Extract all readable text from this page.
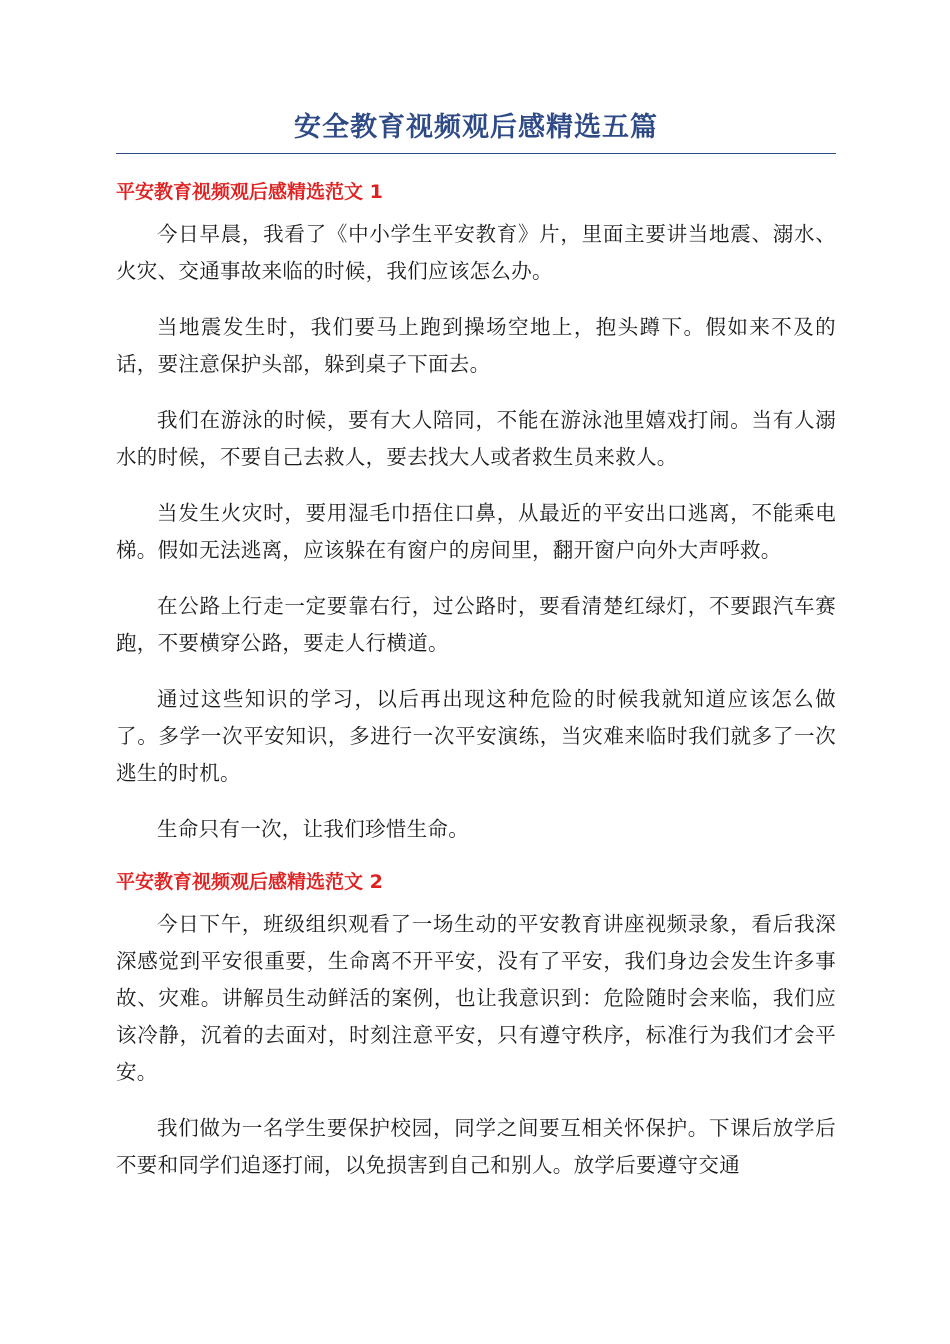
安全教育视频观后感精选五篇
平安教育视频观后感精选范文 1

今日早晨，我看了《中小学生平安教育》片，里面主要讲当地震、溺水、火灾、交通事故来临的时候，我们应该怎么办。

当地震发生时，我们要马上跑到操场空地上，抱头蹲下。假如来不及的话，要注意保护头部，躲到桌子下面去。

我们在游泳的时候，要有大人陪同，不能在游泳池里嬉戏打闹。当有人溺水的时候，不要自己去救人，要去找大人或者救生员来救人。

当发生火灾时，要用湿毛巾捂住口鼻，从最近的平安出口逃离，不能乘电梯。假如无法逃离，应该躲在有窗户的房间里，翻开窗户向外大声呼救。

在公路上行走一定要靠右行，过公路时，要看清楚红绿灯，不要跟汽车赛跑，不要横穿公路，要走人行横道。

通过这些知识的学习，以后再出现这种危险的时候我就知道应该怎么做了。多学一次平安知识，多进行一次平安演练，当灾难来临时我们就多了一次逃生的时机。

生命只有一次，让我们珍惜生命。

平安教育视频观后感精选范文 2

今日下午，班级组织观看了一场生动的平安教育讲座视频录象，看后我深深感觉到平安很重要，生命离不开平安，没有了平安，我们身边会发生许多事故、灾难。讲解员生动鲜活的案例，也让我意识到：危险随时会来临，我们应该冷静，沉着的去面对，时刻注意平安，只有遵守秩序，标准行为我们才会平安。

我们做为一名学生要保护校园，同学之间要互相关怀保护。下课后放学后不要和同学们追逐打闹，以免损害到自己和别人。放学后要遵守交通
